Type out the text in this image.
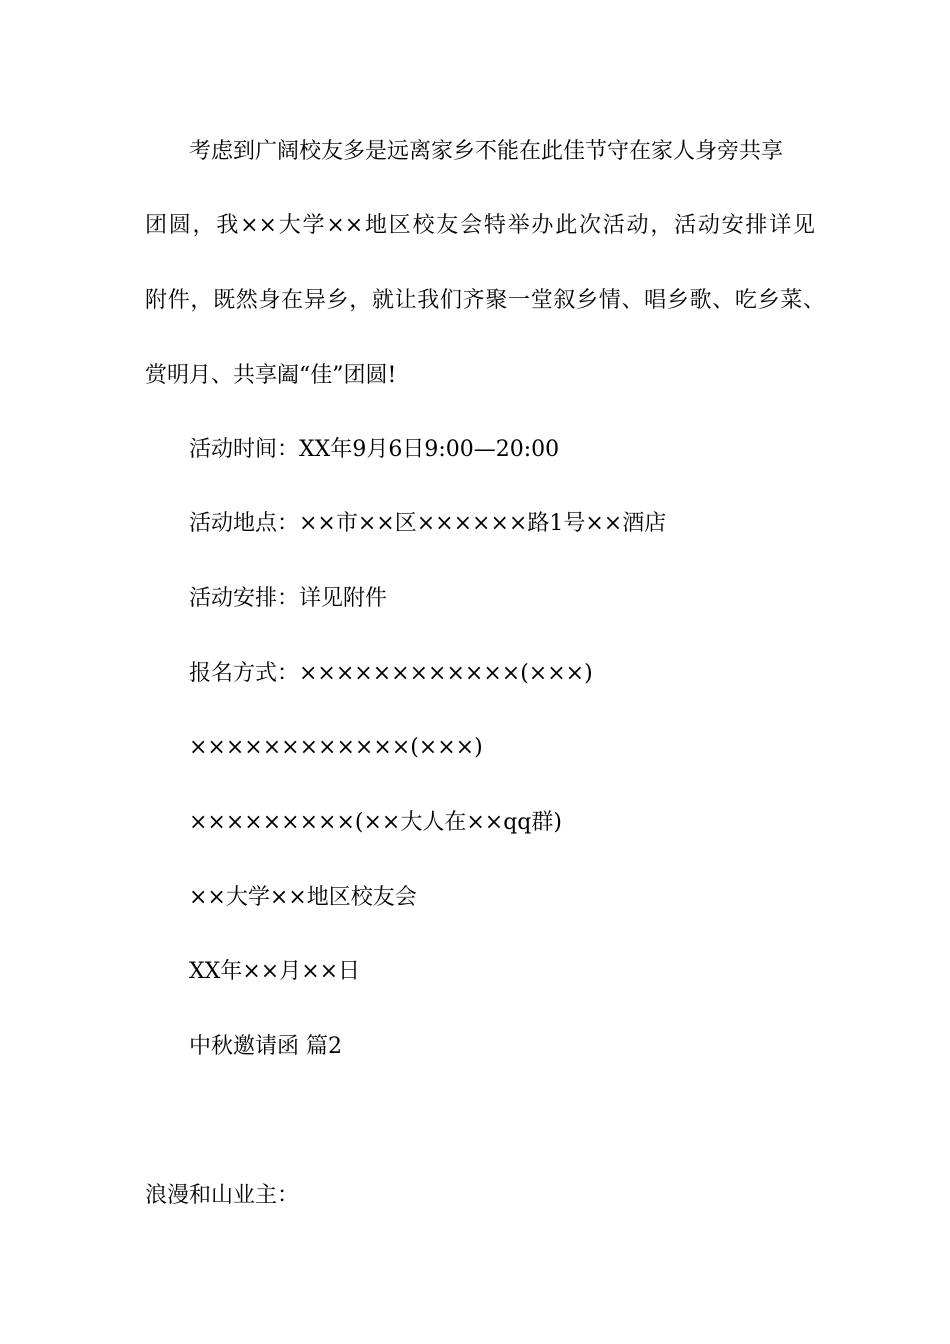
考虑到广阔校友多是远离家乡不能在此佳节守在家人身旁共享
团圆，我××大学××地区校友会特举办此次活动，活动安排详见
附件，既然身在异乡，就让我们齐聚一堂叙乡情、唱乡歌、吃乡菜、
赏明月、共享阖“佳”团圆!
活动时间：XX年9月6日9:00—20:00
活动地点：××市××区××××××路1号××酒店
活动安排：详见附件
报名方式：××××××××××××(×××)
××××××××××××(×××)
×××××××××(××大人在××qq群)
××大学××地区校友会
XX年××月××日
中秋邀请函 篇2
浪漫和山业主：
